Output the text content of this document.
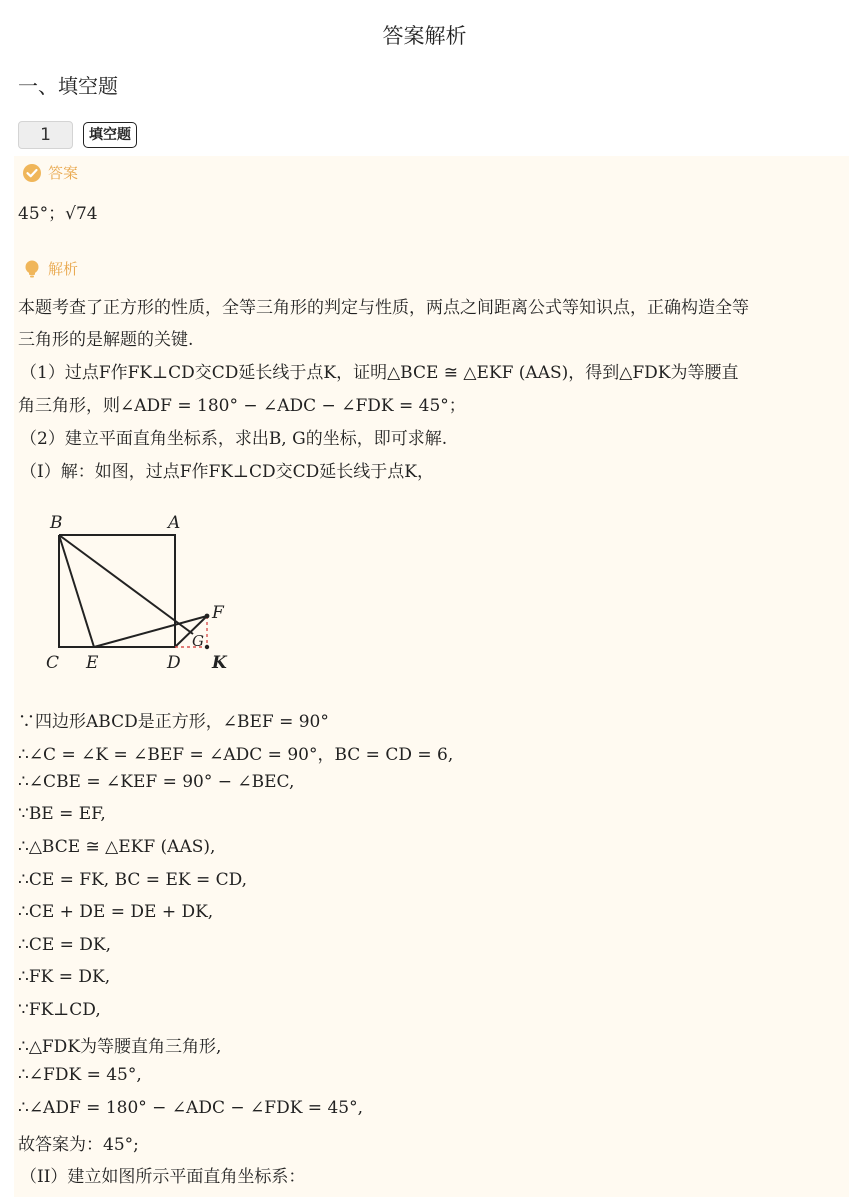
答案解析
一、填空题
1	填空题
答案
45°；√74
解析
本题考查了正方形的性质，全等三角形的判定与性质，两点之间距离公式等知识点，正确构造全等
三角形的是解题的关键.
（1）过点F作FK⊥CD交CD延长线于点K，证明△BCE ≅ △EKF (AAS)，得到△FDK为等腰直
角三角形，则∠ADF = 180° − ∠ADC − ∠FDK = 45°；
（2）建立平面直角坐标系，求出B, G的坐标，即可求解.
（I）解：如图，过点F作FK⊥CD交CD延长线于点K，
B	A
C E	D
F
G
K
∵四边形ABCD是正方形，∠BEF = 90°
∴∠C = ∠K = ∠BEF = ∠ADC = 90°，BC = CD = 6,
∴∠CBE = ∠KEF = 90° − ∠BEC,
∵BE = EF,
∴△BCE ≅ △EKF (AAS),
∴CE = FK, BC = EK = CD,
∴CE + DE = DE + DK,
∴CE = DK,
∴FK = DK,
∵FK⊥CD,
∴△FDK为等腰直角三角形,
∴∠FDK = 45°,
∴∠ADF = 180° − ∠ADC − ∠FDK = 45°,
故答案为：45°;
（II）建立如图所示平面直角坐标系：
